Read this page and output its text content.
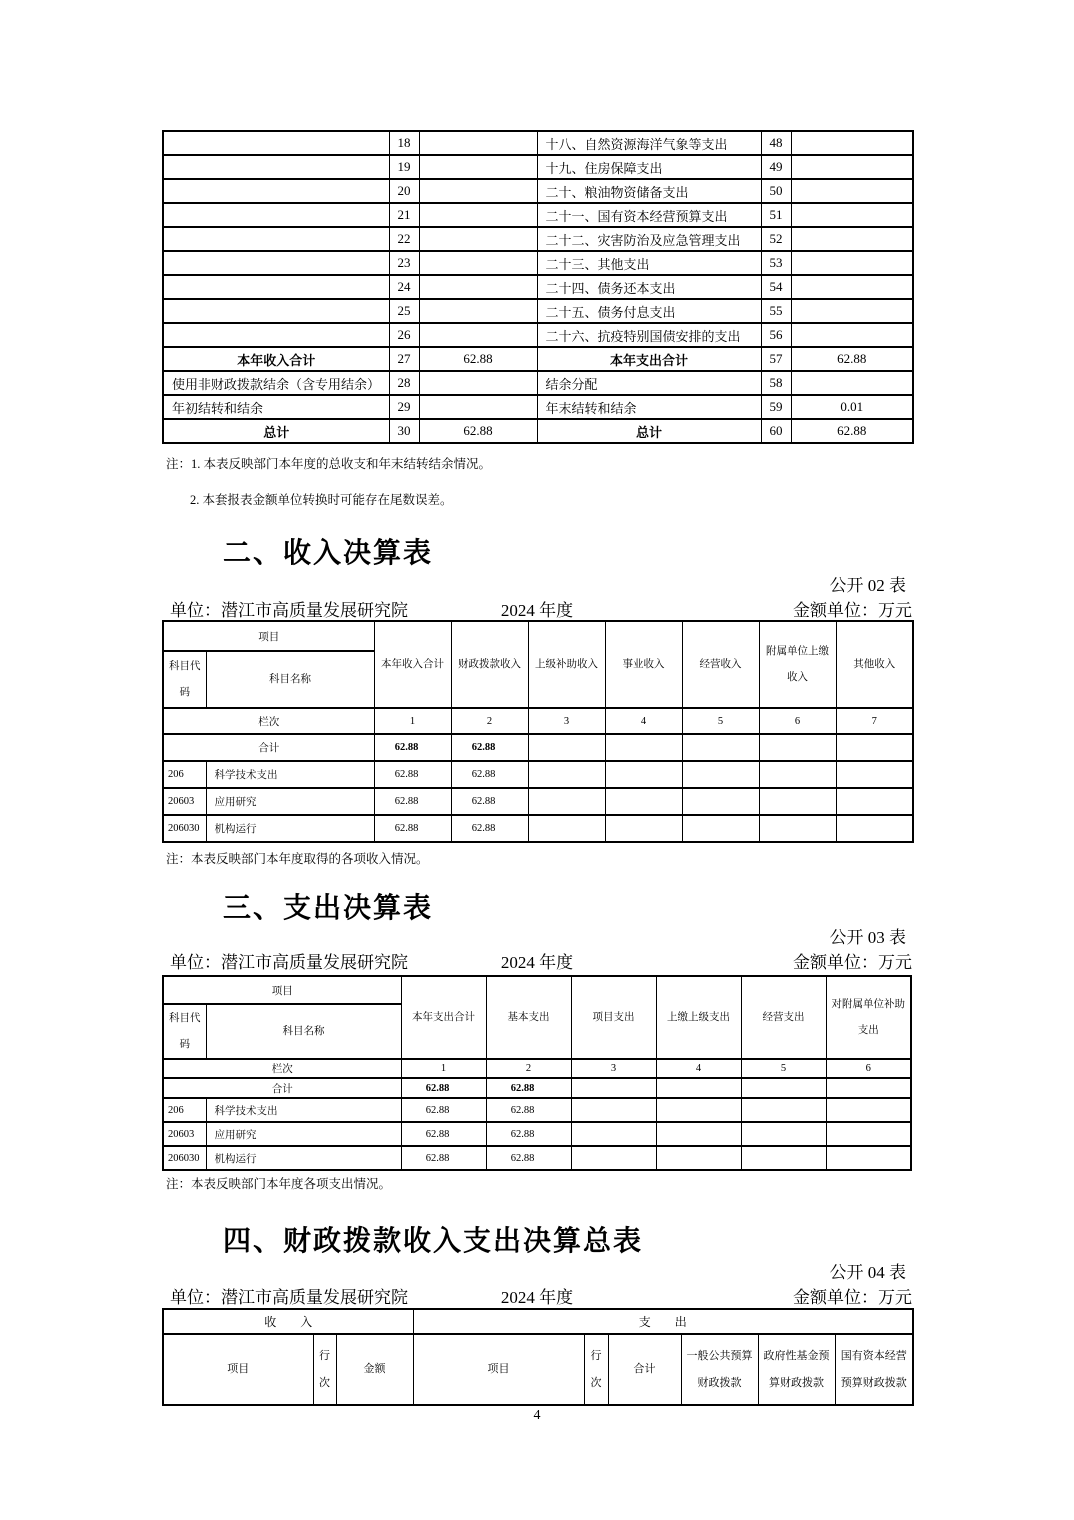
	18		十八、自然资源海洋气象等支出	48	
	19		十九、住房保障支出	49	
	20		二十、粮油物资储备支出	50	
	21		二十一、国有资本经营预算支出	51	
	22		二十二、灾害防治及应急管理支出	52	
	23		二十三、其他支出	53	
	24		二十四、债务还本支出	54	
	25		二十五、债务付息支出	55	
	26		二十六、抗疫特别国债安排的支出	56	
本年收入合计	27	62.88	本年支出合计	57	62.88
使用非财政拨款结余（含专用结余）	28		结余分配	58	
年初结转和结余	29		年末结转和结余	59	0.01
总计	30	62.88	总计	60	62.88
注：1. 本表反映部门本年度的总收支和年末结转结余情况。
2. 本套报表金额单位转换时可能存在尾数误差。
二、收入决算表
公开 02 表
单位：潜江市高质量发展研究院	2024 年度	金额单位：万元
项目		本年收入合计	财政拨款收入	上级补助收入	事业收入	经营收入	附属单位上缴收入	其他收入
科目代码	科目名称							
栏次		1	2	3	4	5	6	7
合计		62.88	62.88					
206	科学技术支出	62.88	62.88					
20603	应用研究	62.88	62.88					
206030	机构运行	62.88	62.88					
注：本表反映部门本年度取得的各项收入情况。
三、支出决算表
公开 03 表
单位：潜江市高质量发展研究院	2024 年度	金额单位：万元
项目		本年支出合计	基本支出	项目支出	上缴上级支出	经营支出	对附属单位补助支出
科目代码	科目名称						
栏次		1	2	3	4	5	6
合计		62.88	62.88				
206	科学技术支出	62.88	62.88				
20603	应用研究	62.88	62.88				
206030	机构运行	62.88	62.88				
注：本表反映部门本年度各项支出情况。
四、财政拨款收入支出决算总表
公开 04 表
单位：潜江市高质量发展研究院	2024 年度	金额单位：万元
收入			支出					
项目	行次	金额	项目	行次	合计	一般公共预算财政拨款	政府性基金预算财政拨款	国有资本经营预算财政拨款
4
